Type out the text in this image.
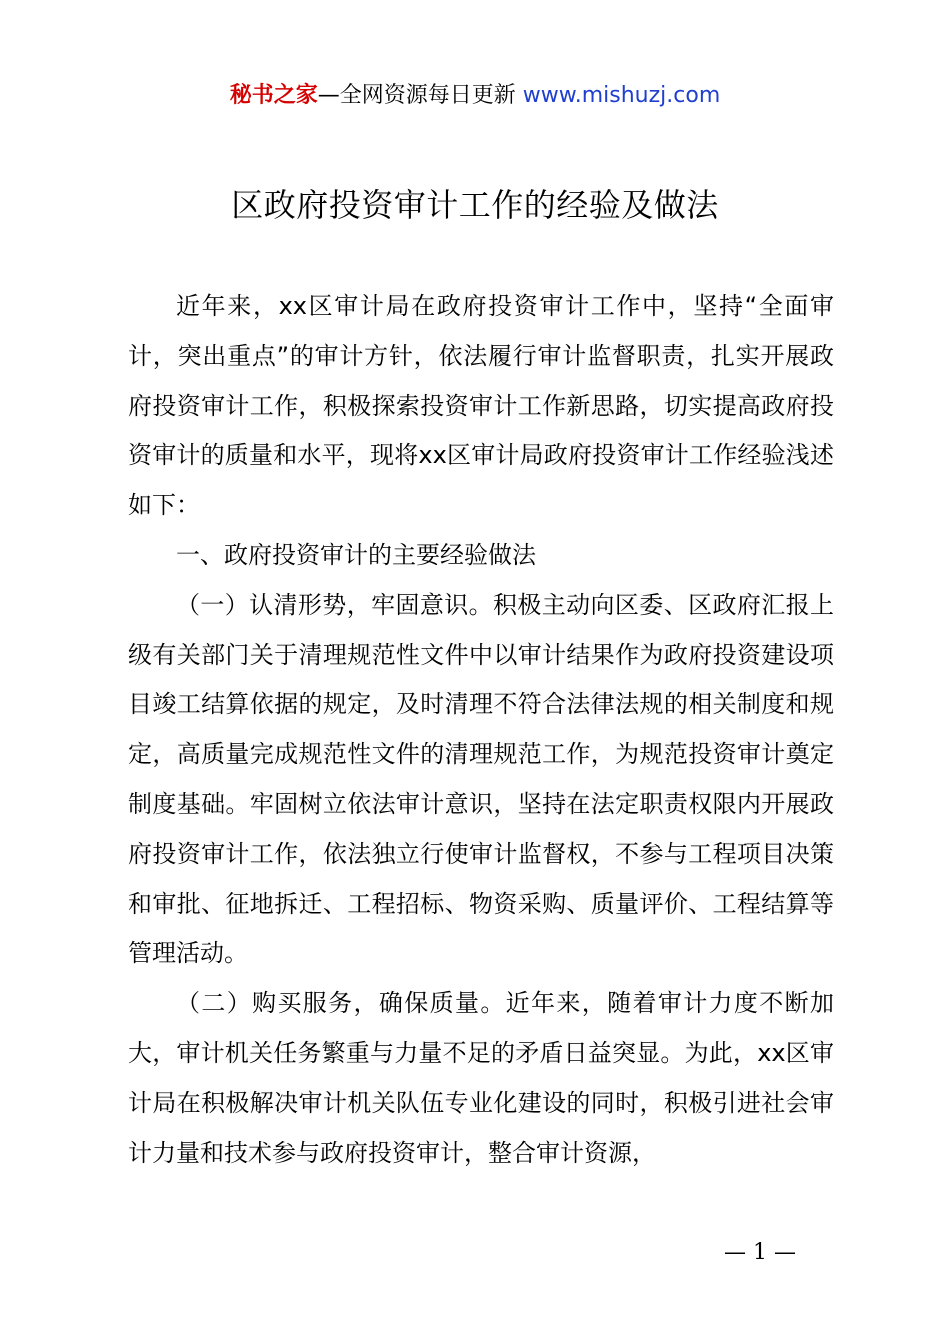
秘书之家—全网资源每日更新 www.mishuzj.com
区政府投资审计工作的经验及做法

近年来，xx区审计局在政府投资审计工作中，坚持“全面审计，突出重点”的审计方针，依法履行审计监督职责，扎实开展政府投资审计工作，积极探索投资审计工作新思路，切实提高政府投资审计的质量和水平，现将xx区审计局政府投资审计工作经验浅述如下：

一、政府投资审计的主要经验做法

（一）认清形势，牢固意识。积极主动向区委、区政府汇报上级有关部门关于清理规范性文件中以审计结果作为政府投资建设项目竣工结算依据的规定，及时清理不符合法律法规的相关制度和规定，高质量完成规范性文件的清理规范工作，为规范投资审计奠定制度基础。牢固树立依法审计意识，坚持在法定职责权限内开展政府投资审计工作，依法独立行使审计监督权，不参与工程项目决策和审批、征地拆迁、工程招标、物资采购、质量评价、工程结算等管理活动。

（二）购买服务，确保质量。近年来，随着审计力度不断加大，审计机关任务繁重与力量不足的矛盾日益突显。为此，xx区审计局在积极解决审计机关队伍专业化建设的同时，积极引进社会审计力量和技术参与政府投资审计，整合审计资源，

— 1 —
